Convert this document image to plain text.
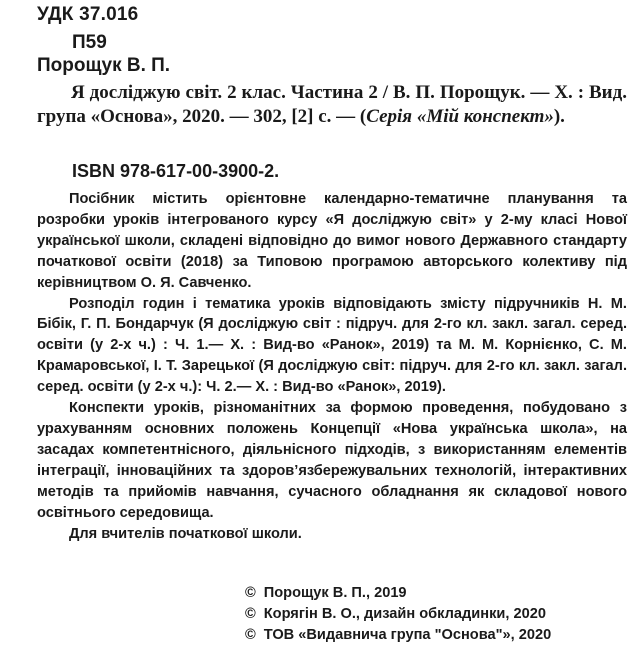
УДК 37.016
П59
Порощук В. П.
Я досліджую світ. 2 клас. Частина 2 / В. П. Порощук. — Х. : Вид. група «Основа», 2020. — 302, [2] с. — (Серія «Мій конспект»).
ISBN 978-617-00-3900-2.

Посібник містить орієнтовне календарно-тематичне планування та розробки уроків інтегрованого курсу «Я досліджую світ» у 2-му класі Нової української школи, складені відповідно до вимог нового Державного стандарту початкової освіти (2018) за Типовою програмою авторського колективу під керівництвом О. Я. Савченко.

Розподіл годин і тематика уроків відповідають змісту підручників Н. М. Бібік, Г. П. Бондарчук (Я досліджую світ : підруч. для 2-го кл. закл. загал. серед. освіти (у 2-х ч.) : Ч. 1.— Х. : Вид-во «Ранок», 2019) та М. М. Корнієнко, С. М. Крамаровської, І. Т. Зарецької (Я досліджую світ: підруч. для 2-го кл. закл. загал. серед. освіти (у 2-х ч.): Ч. 2.— Х. : Вид-во «Ранок», 2019).

Конспекти уроків, різноманітних за формою проведення, побудовано з урахуванням основних положень Концепції «Нова українська школа», на засадах компетентнісного, діяльнісного підходів, з використанням елементів інтеграції, інноваційних та здоров’язбережувальних технологій, інтерактивних методів та прийомів навчання, сучасного обладнання як складової нового освітнього середовища.

Для вчителів початкової школи.

© Порощук В. П., 2019
© Корягін В. О., дизайн обкладинки, 2020
© ТОВ «Видавнича група "Основа"», 2020
